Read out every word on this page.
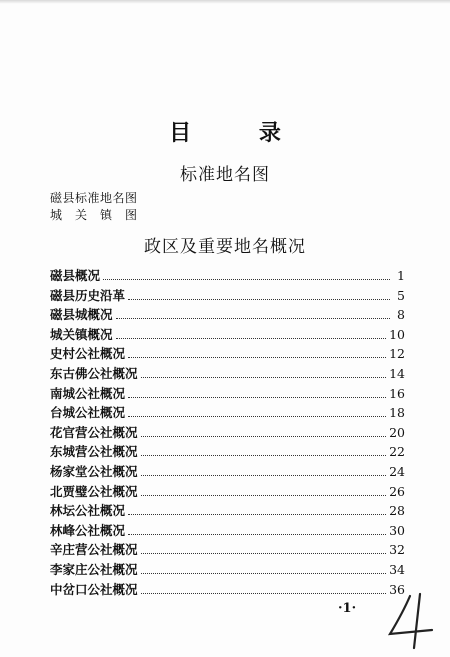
目 录
标准地名图
磁县标准地名图
城关镇图
政区及重要地名概况
磁县概况	1
磁县历史沿革	5
磁县城概况	8
城关镇概况	10
史村公社概况	12
东古佛公社概况	14
南城公社概况	16
台城公社概况	18
花官营公社概况	20
东城营公社概况	22
杨家堂公社概况	24
北贾璧公社概况	26
林坛公社概况	28
林峰公社概况	30
辛庄营公社概况	32
李家庄公社概况	34
中岔口公社概况	36
·1·
